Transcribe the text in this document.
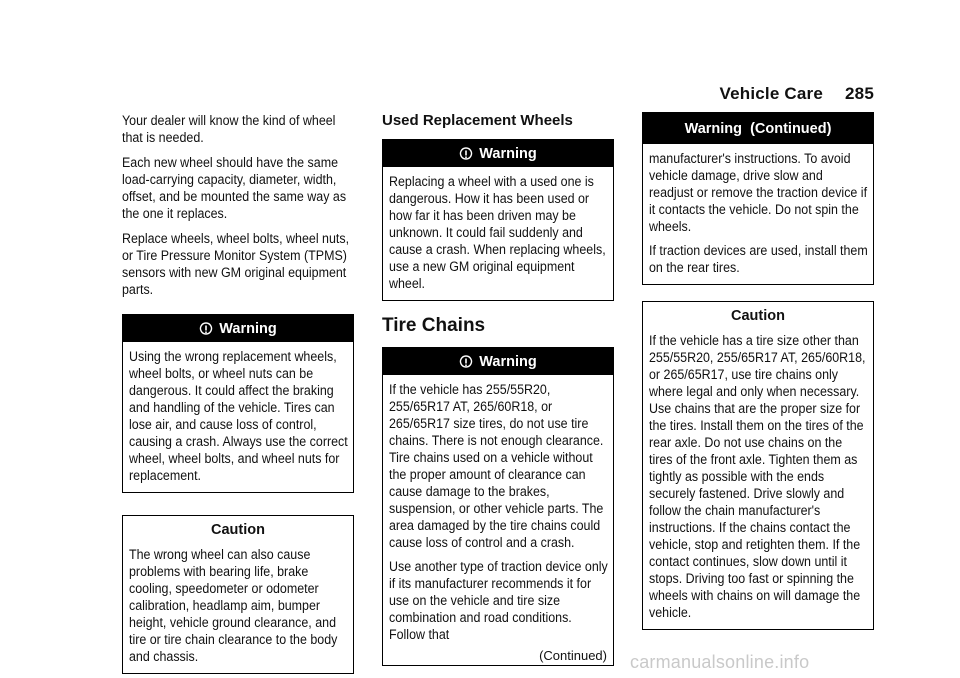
Vehicle Care 285

Your dealer will know the kind of wheel that is needed.

Each new wheel should have the same load-carrying capacity, diameter, width, offset, and be mounted the same way as the one it replaces.

Replace wheels, wheel bolts, wheel nuts, or Tire Pressure Monitor System (TPMS) sensors with new GM original equipment parts.

Warning

Using the wrong replacement wheels, wheel bolts, or wheel nuts can be dangerous. It could affect the braking and handling of the vehicle. Tires can lose air, and cause loss of control, causing a crash. Always use the correct wheel, wheel bolts, and wheel nuts for replacement.

Caution

The wrong wheel can also cause problems with bearing life, brake cooling, speedometer or odometer calibration, headlamp aim, bumper height, vehicle ground clearance, and tire or tire chain clearance to the body and chassis.

Used Replacement Wheels
Warning

Replacing a wheel with a used one is dangerous. How it has been used or how far it has been driven may be unknown. It could fail suddenly and cause a crash. When replacing wheels, use a new GM original equipment wheel.

Tire Chains
Warning

If the vehicle has 255/55R20, 255/65R17 AT, 265/60R18, or 265/65R17 size tires, do not use tire chains. There is not enough clearance. Tire chains used on a vehicle without the proper amount of clearance can cause damage to the brakes, suspension, or other vehicle parts. The area damaged by the tire chains could cause loss of control and a crash.

Use another type of traction device only if its manufacturer recommends it for use on the vehicle and tire size combination and road conditions. Follow that

(Continued)
Warning  (Continued)

manufacturer's instructions. To avoid vehicle damage, drive slow and readjust or remove the traction device if it contacts the vehicle. Do not spin the wheels.

If traction devices are used, install them on the rear tires.

Caution

If the vehicle has a tire size other than 255/55R20, 255/65R17 AT, 265/60R18, or 265/65R17, use tire chains only where legal and only when necessary. Use chains that are the proper size for the tires. Install them on the tires of the rear axle. Do not use chains on the tires of the front axle. Tighten them as tightly as possible with the ends securely fastened. Drive slowly and follow the chain manufacturer's instructions. If the chains contact the vehicle, stop and retighten them. If the contact continues, slow down until it stops. Driving too fast or spinning the wheels with chains on will damage the vehicle.

carmanualsonline.info
